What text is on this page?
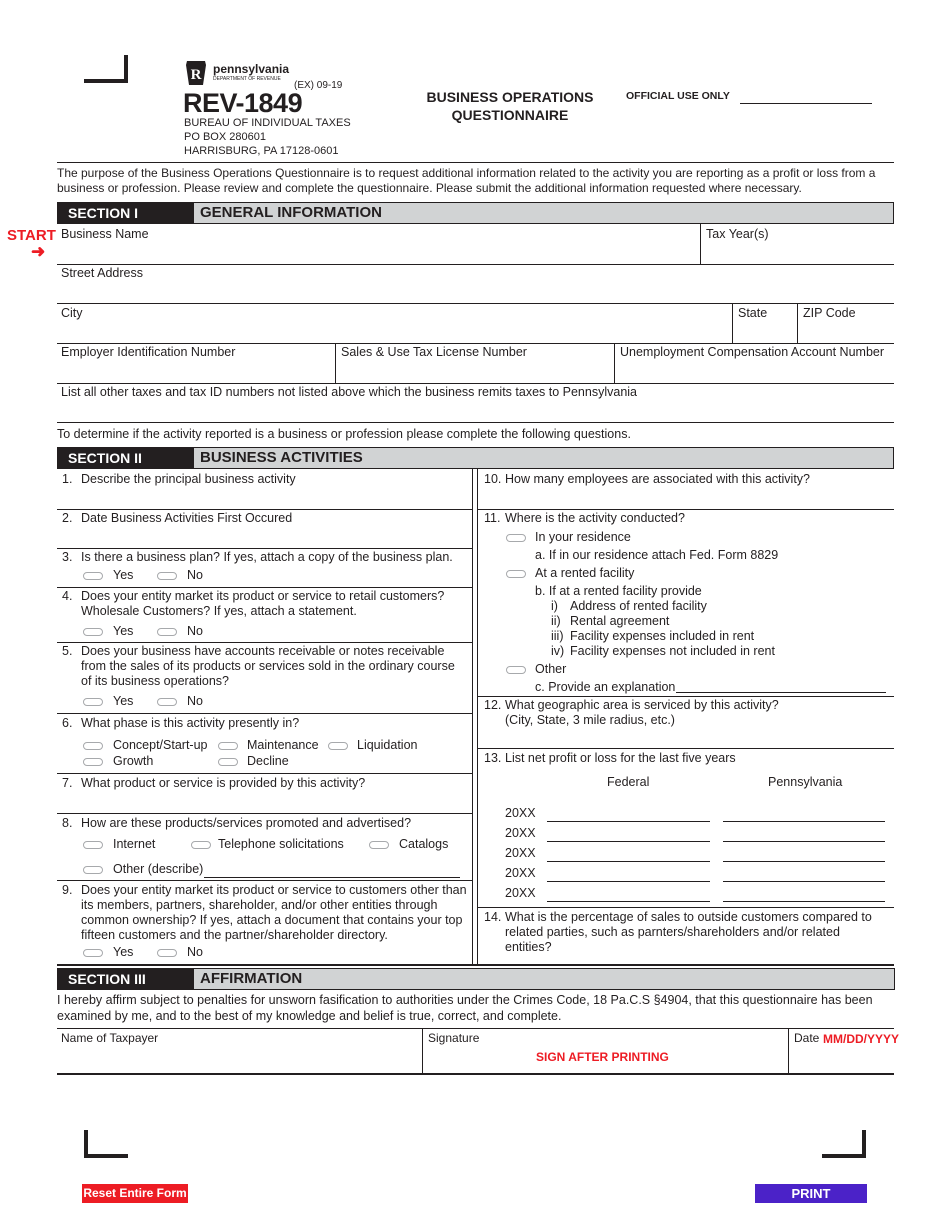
R pennsylvania
DEPARTMENT OF REVENUE
(EX) 09-19
REV-1849
BUREAU OF INDIVIDUAL TAXES
PO BOX 280601
HARRISBURG, PA 17128-0601
BUSINESS OPERATIONS
QUESTIONNAIRE
OFFICIAL USE ONLY
The purpose of the Business Operations Questionnaire is to request additional information related to the activity you are reporting as a profit or loss from a business or profession. Please review and complete the questionnaire. Please submit the additional information requested where necessary.
SECTION I	GENERAL INFORMATION
START
➜
Business Name	Tax Year(s)
Street Address
City	State	ZIP Code
Employer Identification Number	Sales & Use Tax License Number	Unemployment Compensation Account Number
List all other taxes and tax ID numbers not listed above which the business remits taxes to Pennsylvania
To determine if the activity reported is a business or profession please complete the following questions.
SECTION II	BUSINESS ACTIVITIES
1. Describe the principal business activity
2. Date Business Activities First Occured
3. Is there a business plan? If yes, attach a copy of the business plan.
Yes	No
4. Does your entity market its product or service to retail customers? Wholesale Customers? If yes, attach a statement.
Yes	No
5. Does your business have accounts receivable or notes receivable from the sales of its products or services sold in the ordinary course of its business operations?
Yes	No
6. What phase is this activity presently in?
Concept/Start-up	Maintenance	Liquidation
Growth	Decline
7. What product or service is provided by this activity?
8. How are these products/services promoted and advertised?
Internet	Telephone solicitations	Catalogs
Other (describe)
9. Does your entity market its product or service to customers other than its members, partners, shareholder, and/or other entities through common ownership? If yes, attach a document that contains your top fifteen customers and the partner/shareholder directory.
Yes	No
10. How many employees are associated with this activity?
11. Where is the activity conducted?
In your residence
a. If in our residence attach Fed. Form 8829
At a rented facility
b. If at a rented facility provide
i) Address of rented facility
ii) Rental agreement
iii) Facility expenses included in rent
iv) Facility expenses not included in rent
Other
c. Provide an explanation
12. What geographic area is serviced by this activity?
(City, State, 3 mile radius, etc.)
13. List net profit or loss for the last five years
Federal	Pennsylvania
20XX
20XX
20XX
20XX
20XX
14. What is the percentage of sales to outside customers compared to related parties, such as parnters/shareholders and/or related entities?
SECTION III	AFFIRMATION
I hereby affirm subject to penalties for unsworn fasification to authorities under the Crimes Code, 18 Pa.C.S §4904, that this questionnaire has been examined by me, and to the best of my knowledge and belief is true, correct, and complete.
Name of Taxpayer	Signature
SIGN AFTER PRINTING
Date MM/DD/YYYY
Reset Entire Form	PRINT
